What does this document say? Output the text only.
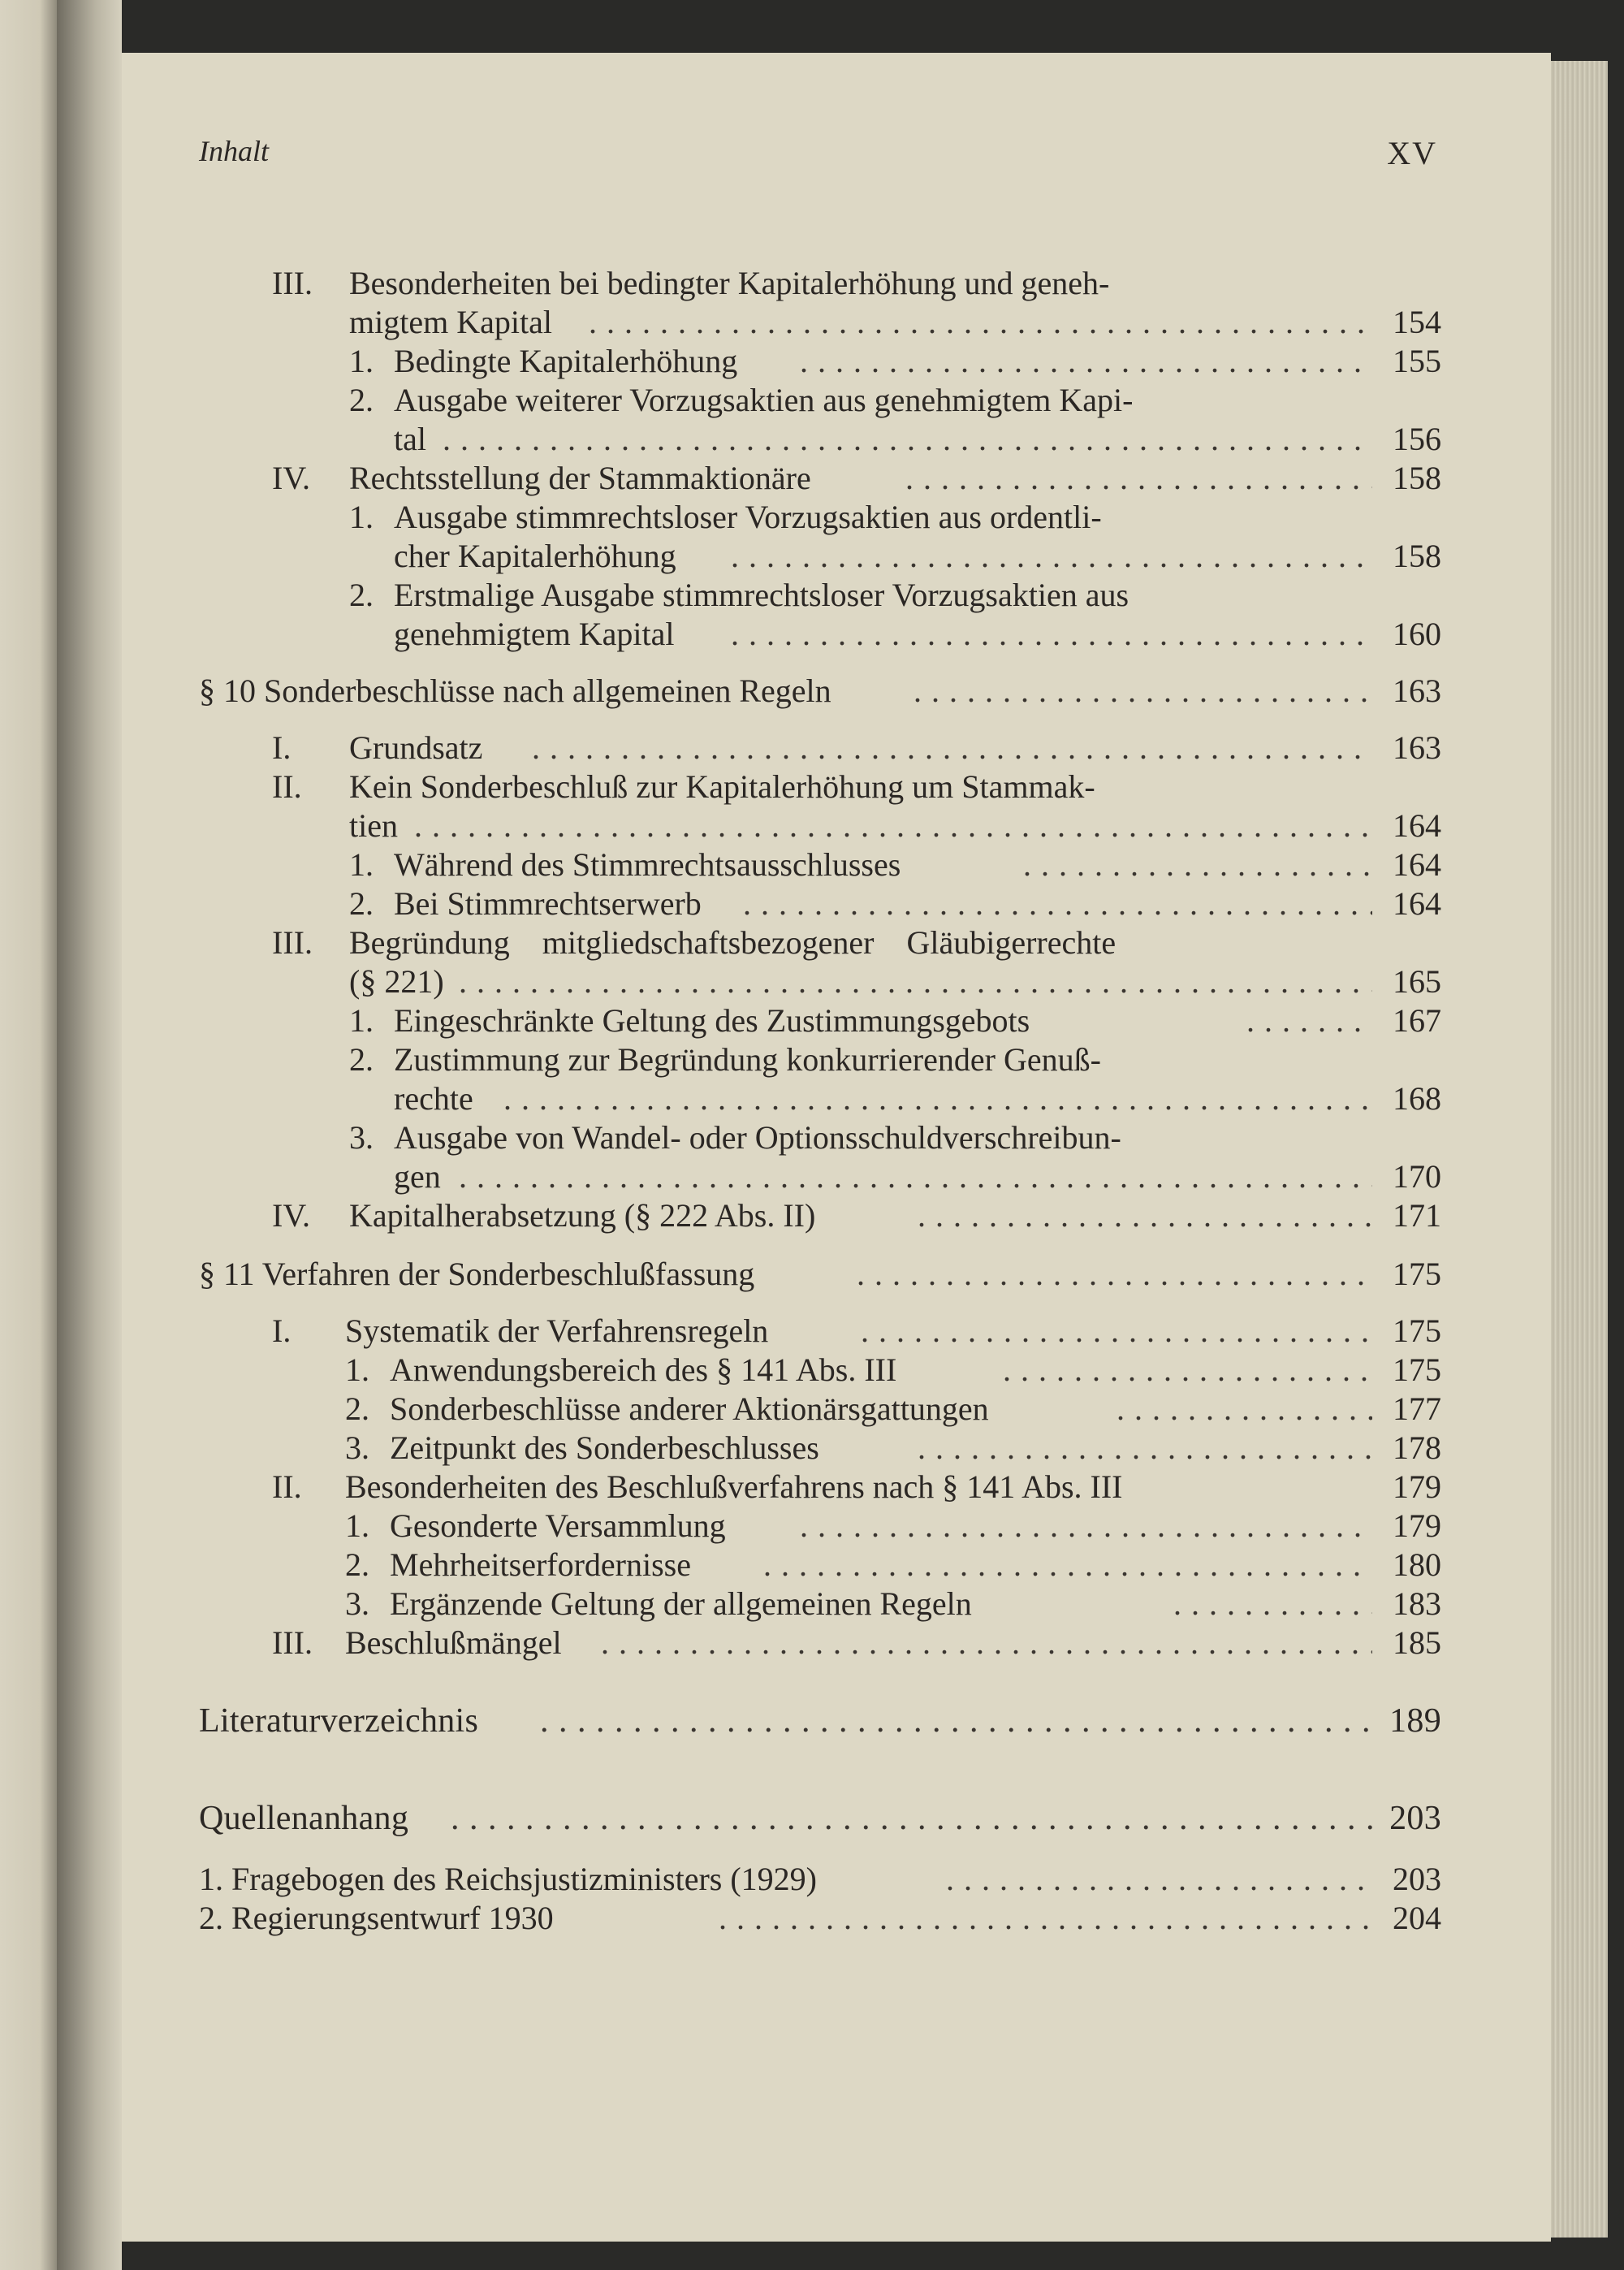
Inhalt	XV
III. Besonderheiten bei bedingter Kapitalerhöhung und geneh-
migtem Kapital . . .	154
1. Bedingte Kapitalerhöhung . . .	155
2. Ausgabe weiterer Vorzugsaktien aus genehmigtem Kapi-
tal . . .	156
IV. Rechtsstellung der Stammaktionäre . . .	158
1. Ausgabe stimmrechtsloser Vorzugsaktien aus ordentli-
cher Kapitalerhöhung . . .	158
2. Erstmalige Ausgabe stimmrechtsloser Vorzugsaktien aus
genehmigtem Kapital . . .	160
§ 10 Sonderbeschlüsse nach allgemeinen Regeln . . .	163
I. Grundsatz . . .	163
II. Kein Sonderbeschluß zur Kapitalerhöhung um Stammak-
tien . . .	164
1. Während des Stimmrechtsausschlusses . . .	164
2. Bei Stimmrechtserwerb . . .	164
III. Begründung mitgliedschaftsbezogener Gläubigerrechte
(§ 221) . . .	165
1. Eingeschränkte Geltung des Zustimmungsgebots . . .	167
2. Zustimmung zur Begründung konkurrierender Genuß-
rechte . . .	168
3. Ausgabe von Wandel- oder Optionsschuldverschreibun-
gen . . .	170
IV. Kapitalherabsetzung (§ 222 Abs. II) . . .	171
§ 11 Verfahren der Sonderbeschlußfassung . . .	175
I. Systematik der Verfahrensregeln . . .	175
1. Anwendungsbereich des § 141 Abs. III . . .	175
2. Sonderbeschlüsse anderer Aktionärsgattungen . . .	177
3. Zeitpunkt des Sonderbeschlusses . . .	178
II. Besonderheiten des Beschlußverfahrens nach § 141 Abs. III	179
1. Gesonderte Versammlung . . .	179
2. Mehrheitserfordernisse . . .	180
3. Ergänzende Geltung der allgemeinen Regeln . . .	183
III. Beschlußmängel . . .	185
Literaturverzeichnis . . .	189
Quellenanhang . . .	203
1. Fragebogen des Reichsjustizministers (1929) . . .	203
2. Regierungsentwurf 1930 . . .	204
